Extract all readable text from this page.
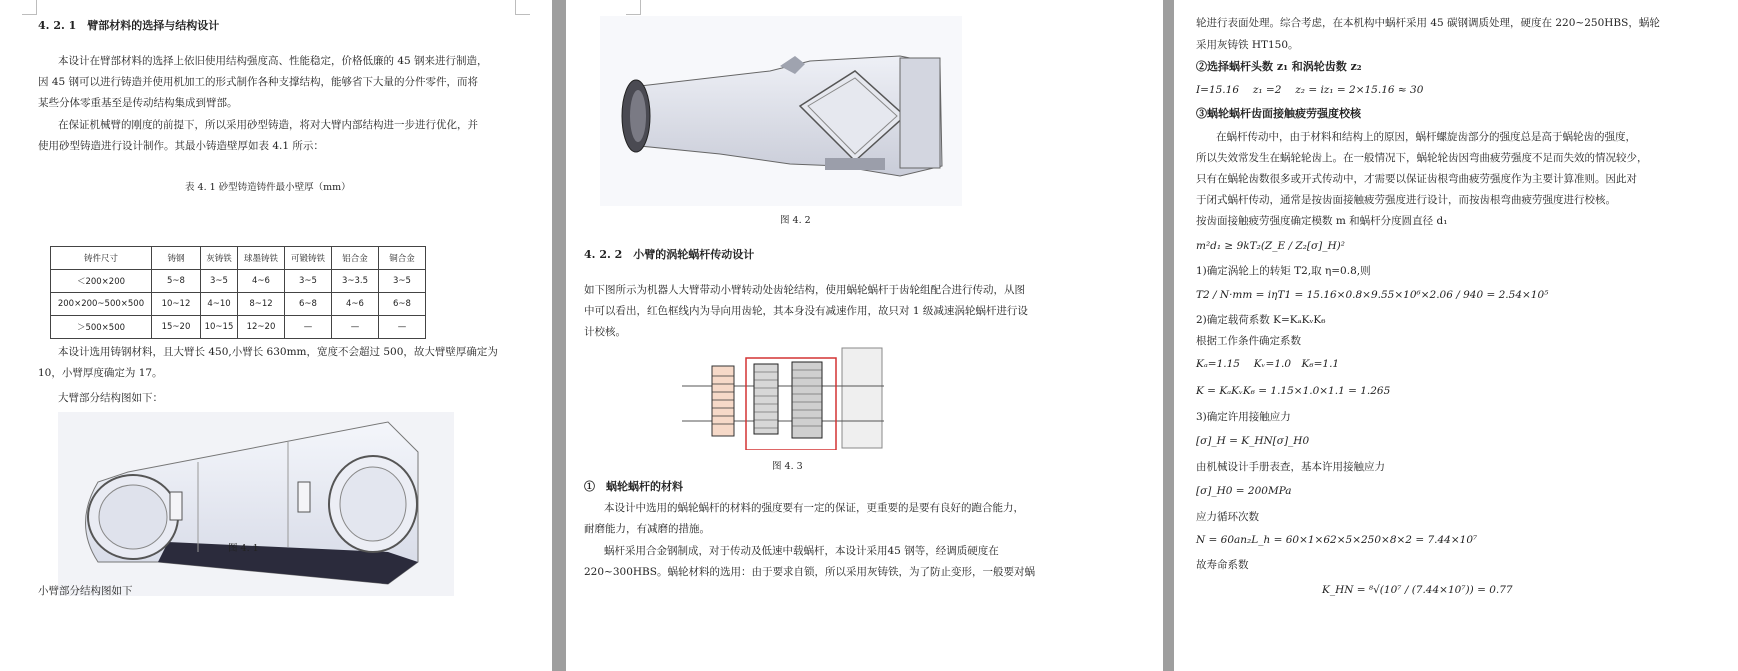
4. 2. 1　臂部材料的选择与结构设计
本设计在臂部材料的选择上依旧使用结构强度高、性能稳定，价格低廉的 45 钢来进行制造，
因 45 钢可以进行铸造并使用机加工的形式制作各种支撑结构，能够省下大量的分件零件，而将
某些分体零重基至是传动结构集成到臂部。
在保证机械臂的刚度的前提下，所以采用砂型铸造，将对大臂内部结构进一步进行优化，并
使用砂型铸造进行设计制作。其最小铸造壁厚如表 4.1 所示：
表 4. 1 砂型铸造铸件最小壁厚（mm）
铸件尺寸	铸钢	灰铸铁	球墨铸铁	可锻铸铁	铝合金	铜合金
＜200×200	5~8	3~5	4~6	3~5	3~3.5	3~5
200×200~500×500	10~12	4~10	8~12	6~8	4~6	6~8
＞500×500	15~20	10~15	12~20	—	—	—
本设计选用铸钢材料，且大臂长 450,小臂长 630mm，宽度不会超过 500，故大臂壁厚确定为
10，小臂厚度确定为 17。
大臂部分结构图如下：
图 4. 1
小臂部分结构图如下
图 4. 2
4. 2. 2　小臂的涡轮蜗杆传动设计
如下图所示为机器人大臂带动小臂转动处齿轮结构，使用蜗轮蜗杆于齿轮组配合进行传动，从图
中可以看出，红色框线内为导向用齿轮，其本身没有减速作用，故只对 1 级减速涡轮蜗杆进行设
计校核。
图 4. 3
①　蜗轮蜗杆的材料
本设计中选用的蜗轮蜗杆的材料的强度要有一定的保证，更重要的是要有良好的跑合能力，
耐磨能力，有减磨的措施。
蜗杆采用合金钢制成，对于传动及低速中载蜗杆，本设计采用45 钢等，经调质硬度在
220~300HBS。蜗轮材料的选用：由于要求自锁，所以采用灰铸铁，为了防止变形，一般要对蜗
轮进行表面处理。综合考虑，在本机构中蜗杆采用 45 碳钢调质处理，硬度在 220~250HBS，蜗轮
采用灰铸铁 HT150。
②选择蜗杆头数 z₁ 和涡轮齿数 z₂
I=15.16　 z₁ =2　 z₂ = iz₁ = 2×15.16 ≈ 30
③蜗轮蜗杆齿面接触疲劳强度校核
在蜗杆传动中，由于材料和结构上的原因，蜗杆螺旋齿部分的强度总是高于蜗轮齿的强度，
所以失效常发生在蜗轮轮齿上。在一般情况下，蜗轮轮齿因弯曲疲劳强度不足而失效的情况较少，
只有在蜗轮齿数很多或开式传动中，才需要以保证齿根弯曲疲劳强度作为主要计算准则。因此对
于闭式蜗杆传动，通常是按齿面接触疲劳强度进行设计，而按齿根弯曲疲劳强度进行校核。
按齿面接触疲劳强度确定模数 m 和蜗杆分度圆直径 d₁
m²d₁ ≥ 9kT₂(Z_E / Z₂[σ]_H)²
1)确定涡轮上的转矩 T2,取 η=0.8,则
T2 / N·mm = iηT1 = 15.16×0.8×9.55×10⁶×2.06 / 940 = 2.54×10⁵
2)确定载荷系数 K=KₐKᵥK₆
根据工作条件确定系数
Kₐ=1.15　 Kᵥ=1.0　K₆=1.1
K = KₐKᵥK₆ = 1.15×1.0×1.1 = 1.265
3)确定许用接触应力
[σ]_H = K_HN[σ]_H0
由机械设计手册表查，基本许用接触应力
[σ]_H0 = 200MPa
应力循环次数
N = 60an₂L_h = 60×1×62×5×250×8×2 = 7.44×10⁷
故寿命系数
K_HN = ⁸√(10⁷ / (7.44×10⁷)) = 0.77
